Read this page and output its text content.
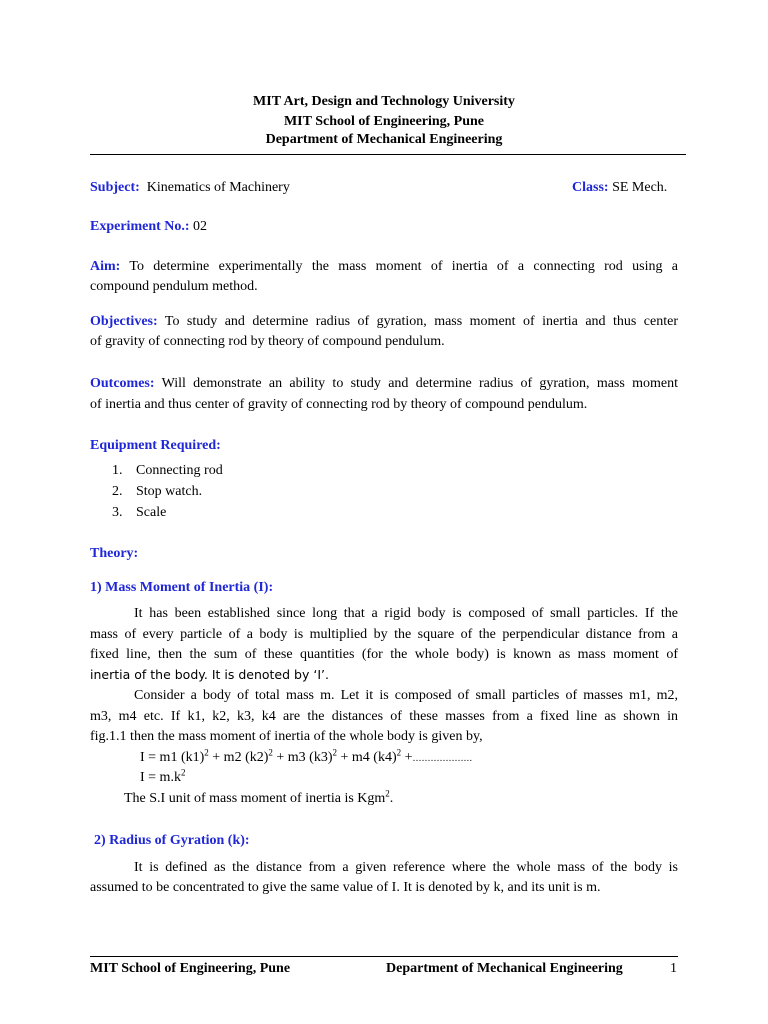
MIT Art, Design and Technology University
MIT School of Engineering, Pune
Department of Mechanical Engineering
Subject: Kinematics of Machinery	Class: SE Mech.
Experiment No.: 02
Aim: To determine experimentally the mass moment of inertia of a connecting rod using a
compound pendulum method.
Objectives: To study and determine radius of gyration, mass moment of inertia and thus center
of gravity of connecting rod by theory of compound pendulum.
Outcomes: Will demonstrate an ability to study and determine radius of gyration, mass moment
of inertia and thus center of gravity of connecting rod by theory of compound pendulum.
Equipment Required:
1. Connecting rod
2. Stop watch.
3. Scale
Theory:
1) Mass Moment of Inertia (I):
It has been established since long that a rigid body is composed of small particles. If the
mass of every particle of a body is multiplied by the square of the perpendicular distance from a
fixed line, then the sum of these quantities (for the whole body) is known as mass moment of
inertia of the body. It is denoted by ‘I’.
Consider a body of total mass m. Let it is composed of small particles of masses m1, m2,
m3, m4 etc. If k1, k2, k3, k4 are the distances of these masses from a fixed line as shown in
fig.1.1 then the mass moment of inertia of the whole body is given by,
I = m1 $(k1)^2 + m2$ $(k2)^2 + m3$ $(k3)^2 + m4$ $(k4)^2$ +………………..
$I = m.k^2$
The S.I unit of mass moment of inertia is Kgm$^2$.
2) Radius of Gyration (k):
It is defined as the distance from a given reference where the whole mass of the body is
assumed to be concentrated to give the same value of I. It is denoted by k, and its unit is m.
MIT School of Engineering, Pune	Department of Mechanical Engineering	1
